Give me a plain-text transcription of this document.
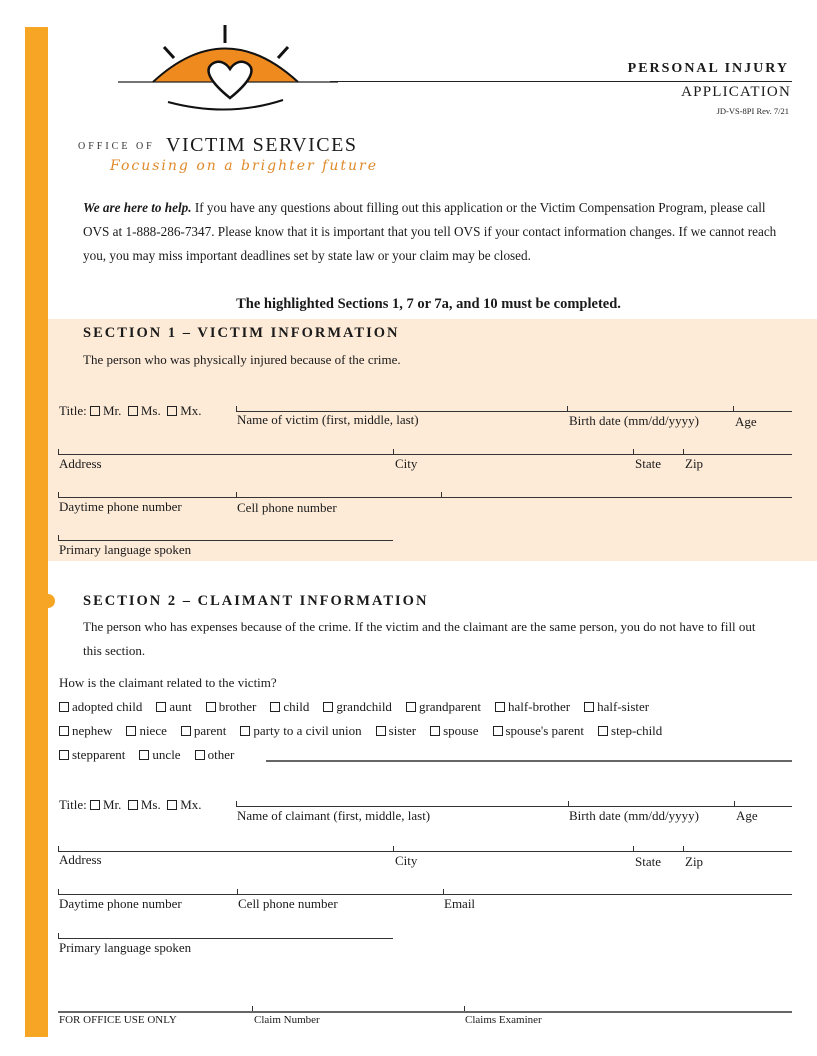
PERSONAL INJURY
APPLICATION
JD-VS-8PI Rev. 7/21
OFFICE OF VICTIM SERVICES
Focusing on a brighter future
We are here to help. If you have any questions about filling out this application or the Victim Compensation Program, please call OVS at 1-888-286-7347. Please know that it is important that you tell OVS if your contact information changes. If we cannot reach you, you may miss important deadlines set by state law or your claim may be closed.
The highlighted Sections 1, 7 or 7a, and 10 must be completed.
SECTION 1 – VICTIM INFORMATION
The person who was physically injured because of the crime.
Title: Mr. Ms. Mx.
Name of victim (first, middle, last)	Birth date (mm/dd/yyyy)	Age
Address	City	State Zip
Daytime phone number	Cell phone number
Primary language spoken
SECTION 2 – CLAIMANT INFORMATION
The person who has expenses because of the crime. If the victim and the claimant are the same person, you do not have to fill out this section.
How is the claimant related to the victim?
adopted child aunt brother child grandchild grandparent half-brother half-sister
nephew niece parent party to a civil union sister spouse spouse's parent step-child
stepparent uncle other
Title: Mr. Ms. Mx.
Name of claimant (first, middle, last)	Birth date (mm/dd/yyyy)	Age
Address	City	State Zip
Daytime phone number	Cell phone number	Email
Primary language spoken
FOR OFFICE USE ONLY	Claim Number	Claims Examiner
